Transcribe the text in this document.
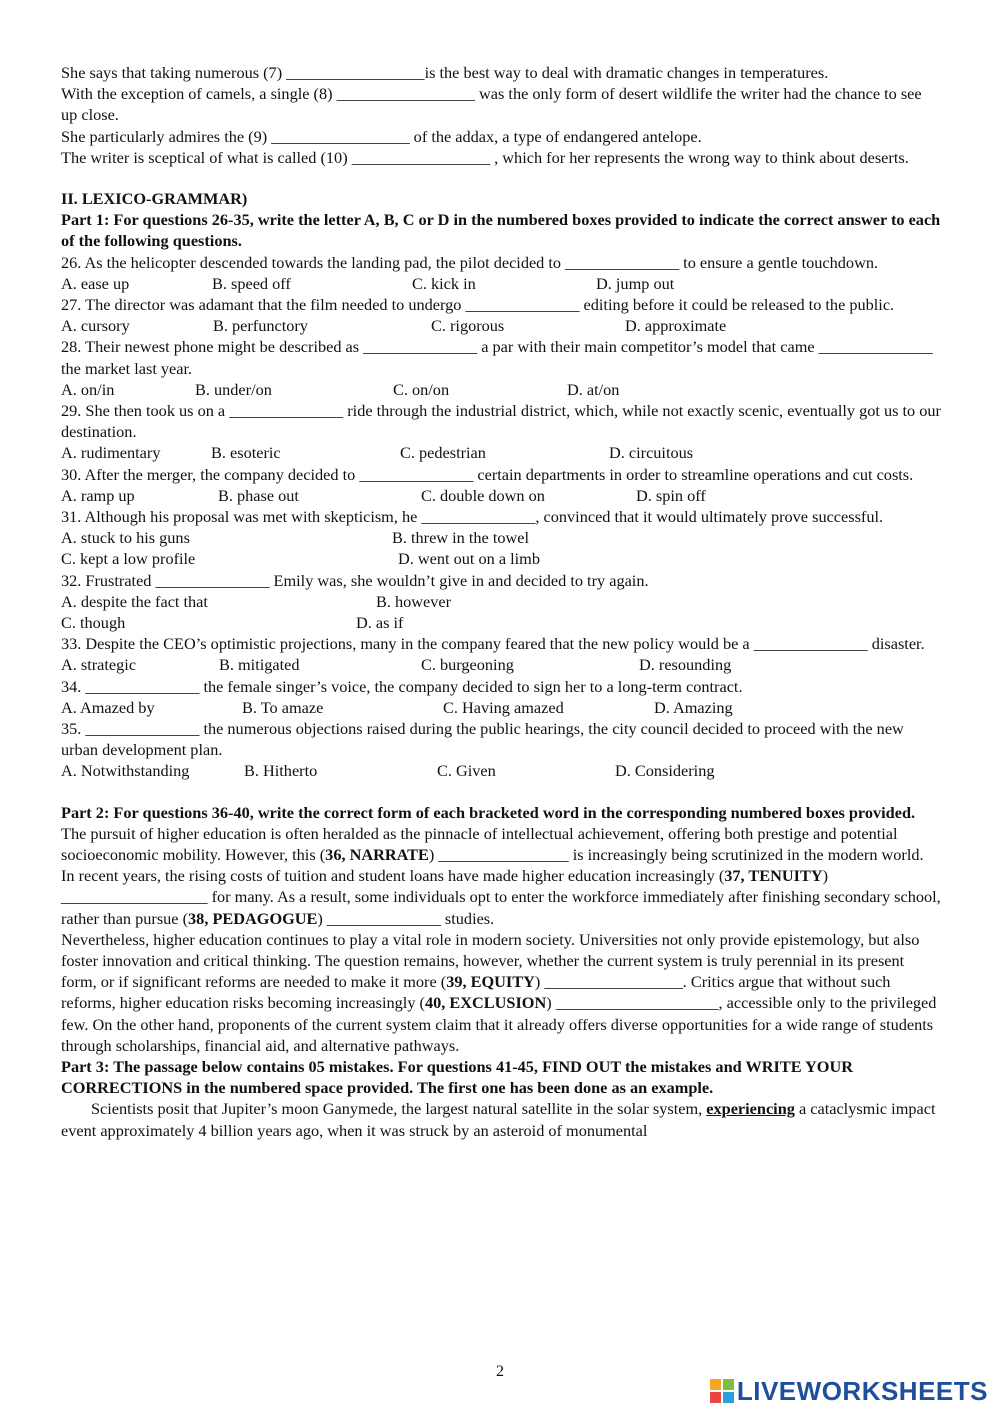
She says that taking numerous (7) _________________is the best way to deal with dramatic changes in temperatures.
With the exception of camels, a single (8) _________________ was the only form of desert wildlife the writer had the chance to see up close.
She particularly admires the (9) _________________ of the addax, a type of endangered antelope.
The writer is sceptical of what is called (10) _________________ , which for her represents the wrong way to think about deserts.
II. LEXICO-GRAMMAR)
Part 1: For questions 26-35, write the letter A, B, C or D in the numbered boxes provided to indicate the correct answer to each of the following questions.
26. As the helicopter descended towards the landing pad, the pilot decided to ______________ to ensure a gentle touchdown.
A. ease up	B. speed off	C. kick in	D. jump out
27. The director was adamant that the film needed to undergo ______________ editing before it could be released to the public.
A. cursory	B. perfunctory	C. rigorous	D. approximate
28. Their newest phone might be described as ______________ a par with their main competitor’s model that came ______________ the market last year.
A. on/in	B. under/on	C. on/on	D. at/on
29. She then took us on a ______________ ride through the industrial district, which, while not exactly scenic, eventually got us to our destination.
A. rudimentary	B. esoteric	C. pedestrian	D. circuitous
30. After the merger, the company decided to ______________ certain departments in order to streamline operations and cut costs.
A. ramp up	B. phase out	C. double down on	D. spin off
31. Although his proposal was met with skepticism, he ______________, convinced that it would ultimately prove successful.
A. stuck to his guns	B. threw in the towel
C. kept a low profile	D. went out on a limb
32. Frustrated ______________ Emily was, she wouldn’t give in and decided to try again.
A. despite the fact that	B. however
C. though	D. as if
33. Despite the CEO’s optimistic projections, many in the company feared that the new policy would be a ______________ disaster.
A. strategic	B. mitigated	C. burgeoning	D. resounding
34. ______________ the female singer’s voice, the company decided to sign her to a long-term contract.
A. Amazed by	B. To amaze	C. Having amazed	D. Amazing
35. ______________ the numerous objections raised during the public hearings, the city council decided to proceed with the new urban development plan.
A. Notwithstanding	B. Hitherto	C. Given	D. Considering
Part 2: For questions 36-40, write the correct form of each bracketed word in the corresponding numbered boxes provided.
The pursuit of higher education is often heralded as the pinnacle of intellectual achievement, offering both prestige and potential socioeconomic mobility. However, this (36, NARRATE) ________________ is increasingly being scrutinized in the modern world. In recent years, the rising costs of tuition and student loans have made higher education increasingly (37, TENUITY) __________________ for many. As a result, some individuals opt to enter the workforce immediately after finishing secondary school, rather than pursue (38, PEDAGOGUE) ______________ studies.
Nevertheless, higher education continues to play a vital role in modern society. Universities not only provide epistemology, but also foster innovation and critical thinking. The question remains, however, whether the current system is truly perennial in its present form, or if significant reforms are needed to make it more (39, EQUITY) _________________. Critics argue that without such reforms, higher education risks becoming increasingly (40, EXCLUSION) ____________________, accessible only to the privileged few. On the other hand, proponents of the current system claim that it already offers diverse opportunities for a wide range of students through scholarships, financial aid, and alternative pathways.
Part 3: The passage below contains 05 mistakes. For questions 41-45, FIND OUT the mistakes and WRITE YOUR CORRECTIONS in the numbered space provided. The first one has been done as an example.
Scientists posit that Jupiter’s moon Ganymede, the largest natural satellite in the solar system, experiencing a cataclysmic impact event approximately 4 billion years ago, when it was struck by an asteroid of monumental
2
LIVEWORKSHEETS
